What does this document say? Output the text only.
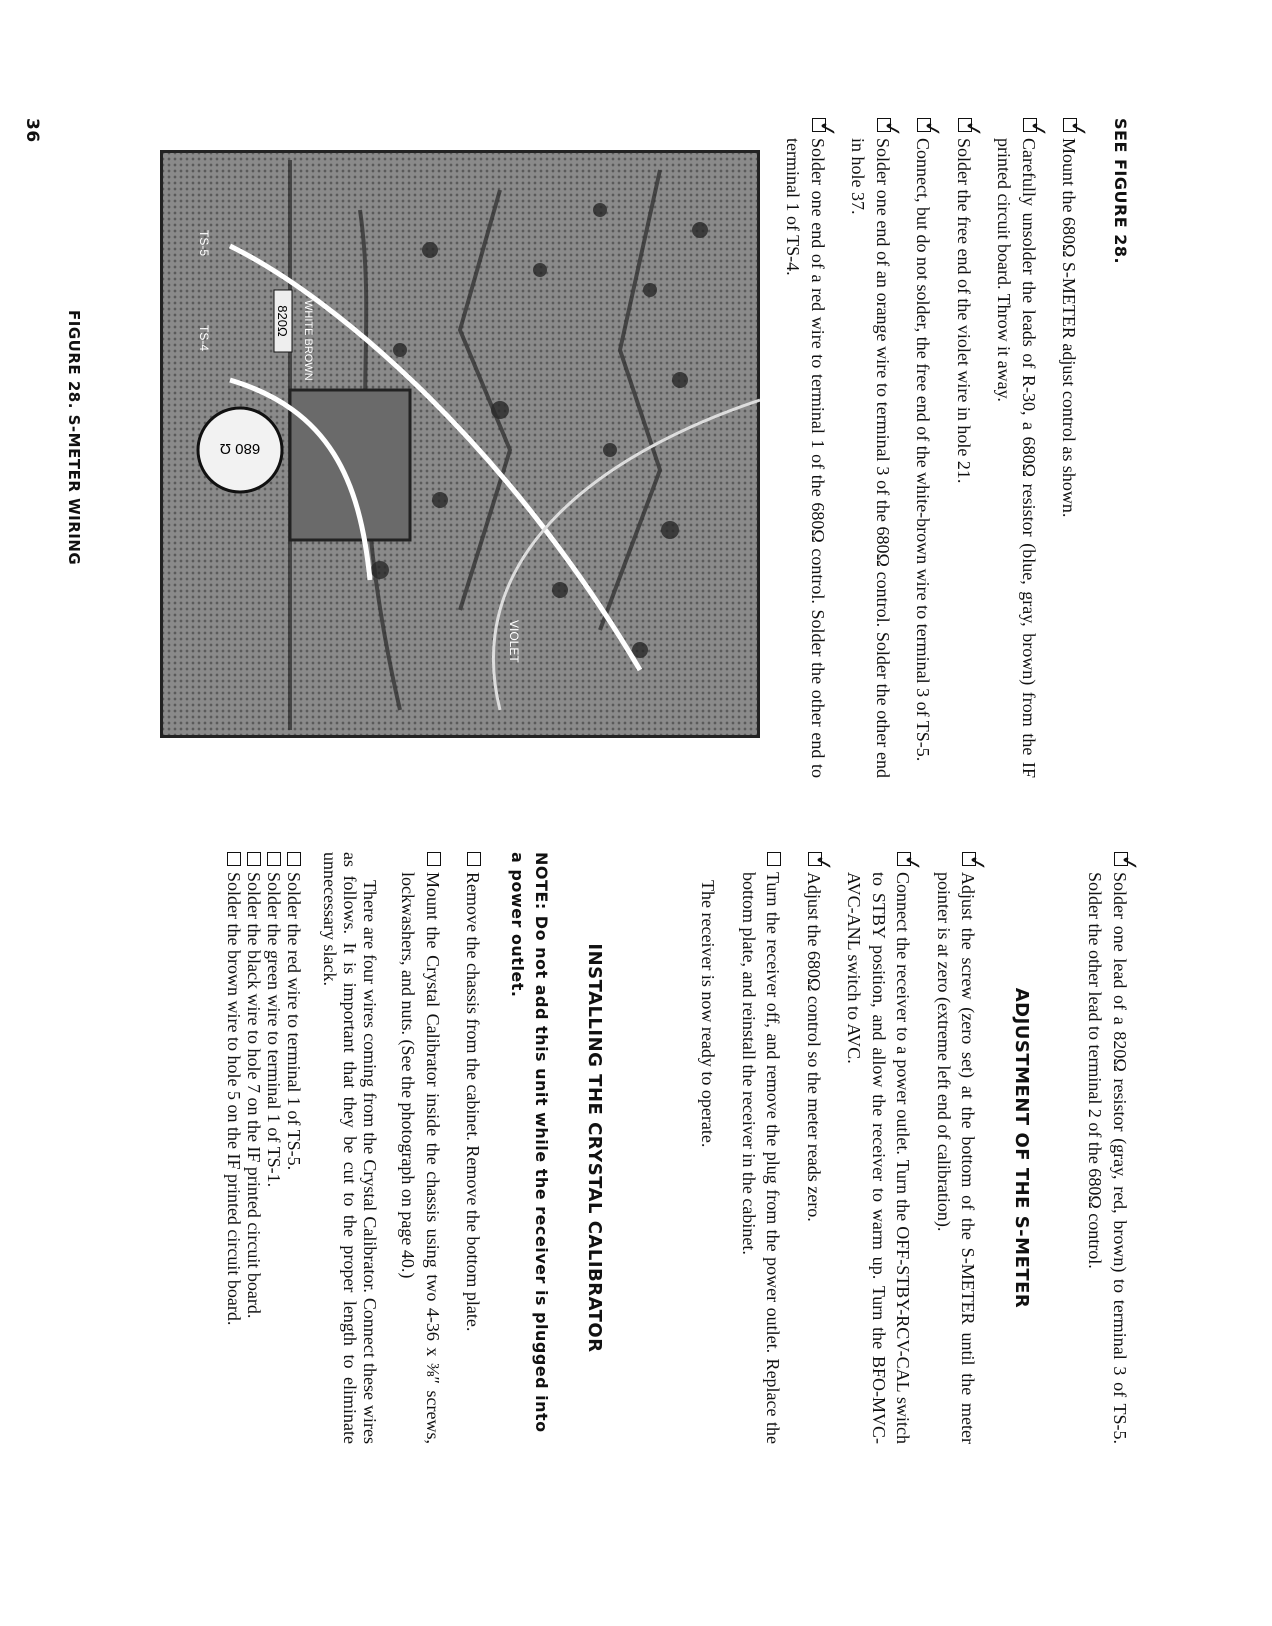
SEE FIGURE 28.
✓
Mount the 680Ω S-METER adjust control as shown.
✓
Carefully unsolder the leads of R-30, a 680Ω resistor (blue, gray, brown) from the IF printed circuit board. Throw it away.
✓
Solder the free end of the violet wire in hole 21.
✓
Connect, but do not solder, the free end of the white-brown wire to terminal 3 of TS-5.
✓
Solder one end of an orange wire to terminal 3 of the 680Ω control. Solder the other end in hole 37.
✓
Solder one end of a red wire to terminal 1 of the 680Ω control. Solder the other end to terminal 1 of TS-4.
✓
Solder one lead of a 820Ω resistor (gray, red, brown) to terminal 3 of TS-5. Solder the other lead to terminal 2 of the 680Ω control.
ADJUSTMENT OF THE S-METER
✓
Adjust the screw (zero set) at the bottom of the S-METER until the meter pointer is at zero (extreme left end of calibration).
✓
Connect the receiver to a power outlet. Turn the OFF-STBY-RCV-CAL switch to STBY position, and allow the receiver to warm up. Turn the BFO-MVC-AVC-ANL switch to AVC.
✓
Adjust the 680Ω control so the meter reads zero.
Turn the receiver off, and remove the plug from the power outlet. Replace the bottom plate, and reinstall the receiver in the cabinet.

The receiver is now ready to operate.

INSTALLING THE CRYSTAL CALIBRATOR
NOTE: Do not add this unit while the receiver is plugged into a power outlet.
Remove the chassis from the cabinet. Remove the bottom plate.
Mount the Crystal Calibrator inside the chassis using two 4-36 x ⅜″ screws, lockwashers, and nuts. (See the photograph on page 40.)

There are four wires coming from the Crystal Calibrator. Connect these wires as follows. It is important that they be cut to the proper length to eliminate unnecessary slack.

Solder the red wire to terminal 1 of TS-5.
Solder the green wire to terminal 1 of TS-1.
Solder the black wire to hole 7 on the IF printed circuit board.
Solder the brown wire to hole 5 on the IF printed circuit board.
680 Ω
820Ω WHITE BROWN
TS-5
TS-4
VIOLET
FIGURE 28. S-METER WIRING
36
